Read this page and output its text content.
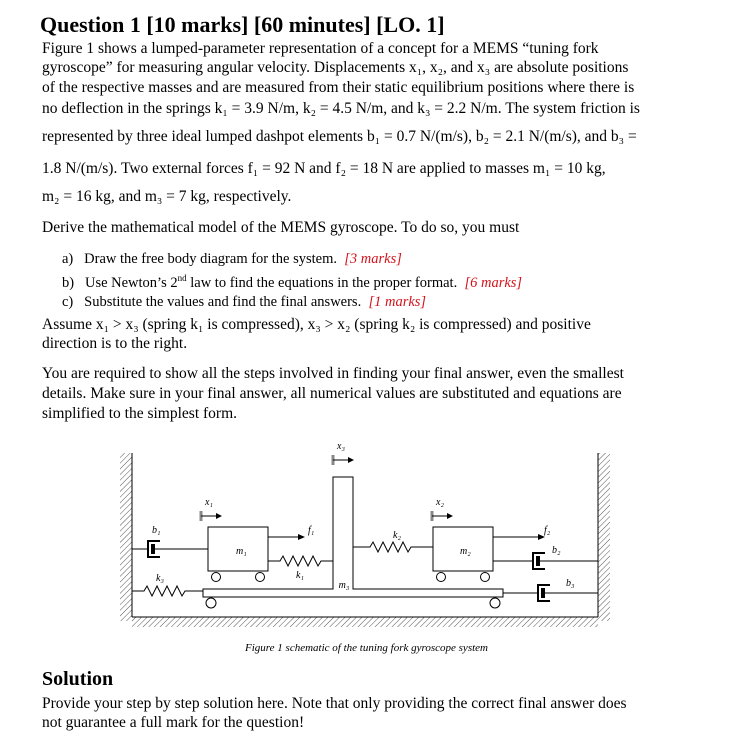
Question 1 [10 marks] [60 minutes] [LO. 1]

Figure 1 shows a lumped-parameter representation of a concept for a MEMS “tuning fork

gyroscope” for measuring angular velocity. Displacements x₁, x₂, and x₃ are absolute positions

of the respective masses and are measured from their static equilibrium positions where there is

no deflection in the springs k₁ = 3.9 N/m, k₂ = 4.5 N/m, and k₃ = 2.2 N/m. The system friction is

represented by three ideal lumped dashpot elements b₁ = 0.7 N/(m/s), b₂ = 2.1 N/(m/s), and b₃ =

1.8 N/(m/s). Two external forces f₁ = 92 N and f₂ = 18 N are applied to masses m₁ = 10 kg,

m₂ = 16 kg, and m₃ = 7 kg, respectively.

Derive the mathematical model of the MEMS gyroscope. To do so, you must

a) Draw the free body diagram for the system. [3 marks]
b) Use Newton’s 2nd law to find the equations in the proper format. [6 marks]
c) Substitute the values and find the final answers. [1 marks]

Assume x₁ > x₃ (spring k₁ is compressed), x₃ > x₂ (spring k₂ is compressed) and positive

direction is to the right.

You are required to show all the steps involved in finding your final answer, even the smallest

details. Make sure in your final answer, all numerical values are substituted and equations are

simplified to the simplest form.

m₃
m₁	m₂
x₁	x₂
x₃
f₁	f₂
k₁
k₂
k₃
b₁
b₂
b₃
Figure 1 schematic of the tuning fork gyroscope system
Solution

Provide your step by step solution here. Note that only providing the correct final answer does

not guarantee a full mark for the question!
